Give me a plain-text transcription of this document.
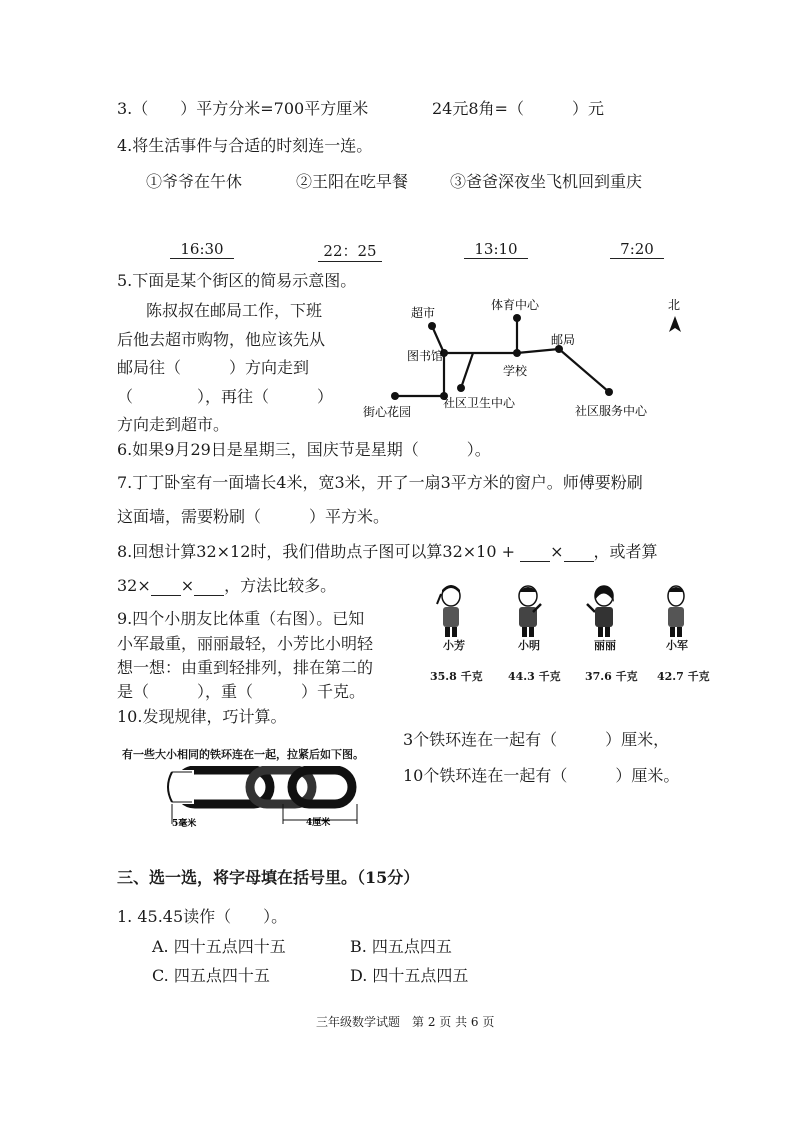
3.（　　）平方分米=700平方厘米	24元8角=（　　　）元
4.将生活事件与合适的时刻连一连。
①爷爷在午休	②王阳在吃早餐	③爸爸深夜坐飞机回到重庆
16:30	22：25	13:10	7:20
5.下面是某个街区的简易示意图。
陈叔叔在邮局工作，下班
后他去超市购物，他应该先从
邮局往（　　　）方向走到
（　　　　），再往（　　　）
方向走到超市。
超市
体育中心
邮局
图书馆
学校
街心花园
社区卫生中心
社区服务中心
北
6.如果9月29日是星期三，国庆节是星期（　　　）。
7.丁丁卧室有一面墙长4米，宽3米，开了一扇3平方米的窗户。师傅要粉刷
这面墙，需要粉刷（　　　）平方米。
8.回想计算32×12时，我们借助点子图可以算32×10 + × ，或者算
32× × ，方法比较多。
9.四个小朋友比体重（右图）。已知
小军最重，丽丽最轻，小芳比小明轻
想一想：由重到轻排列，排在第二的
是（　　　），重（　　　）千克。
小芳	小明	丽丽	小军
35.8 千克 44.3 千克 37.6 千克 42.7 千克
10.发现规律，巧计算。
有一些大小相同的铁环连在一起，拉紧后如下图。
5毫米	4厘米
3个铁环连在一起有（　　　）厘米，
10个铁环连在一起有（　　　）厘米。
三、选一选，将字母填在括号里。（15分）
1. 45.45读作（　　）。
A. 四十五点四十五	B. 四五点四五
C. 四五点四十五	D. 四十五点四五
三年级数学试题　第 2 页 共 6 页
